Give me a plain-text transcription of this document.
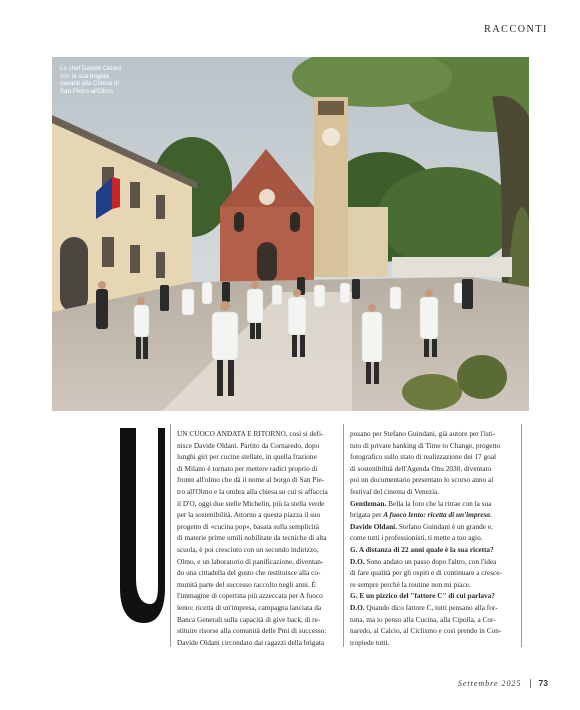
RACCONTI
Lo chef Davide Oldani
con la sua brigata
davanti alla Chiesa di
San Pietro all'Olmo.

UN CUOCO ANDATA E RITORNO, così si defi-

nisce Davide Oldani. Partito da Cornaredo, dopo

lunghi giri per cucine stellate, in quella frazione

di Milano è tornato per mettere radici proprio di

fronte all'olmo che dà il nome al borgo di San Pie-

tro all'Olmo e la ombra alla chiesa su cui si affaccia

il D'O, oggi due stelle Michelin, più la stella verde

per la sostenibilità. Attorno a questa piazza il suo

progetto di «cucina pop», basata sulla semplicità

di materie prime umili nobilitate da tecniche di alta

scuola, è poi cresciuto con un secondo indirizzo,

Olmo, e un laboratorio di panificazione, diventan-

do una cittadella del gusto che restituisce alla co-

munità parte del successo raccolto negli anni. È

l'immagine di copertina più azzeccata per A fuoco

lento: ricetta di un'impresa, campagna lanciata da

Banca Generali sulla capacità di give back, di re-

stituire risorse alla comunità delle Pmi di successo:

Davide Oldani circondato dai ragazzi della brigata

posano per Stefano Guindani, già autore per l'isti-

tuto di private banking di Time to Change, progetto

fotografico sullo stato di realizzazione dei 17 goal

di sostenibilità dell'Agenda Onu 2030, diventato

poi un documentario presentato lo scorso anno al

festival del cinema di Venezia.

Gentleman. Bella la foto che la ritrae con la sua

brigata per A fuoco lento: ricetta di un'impresa.

Davide Oldani. Stefano Guindani è un grande e,

come tutti i professionisti, ti mette a tuo agio.

G. A distanza di 22 anni quale è la sua ricetta?

D.O. Sono andato un passo dopo l'altro, con l'idea

di fare qualità per gli ospiti e di continuare a cresce-

re sempre perché la routine non mi piace.

G. E un pizzico del "fattore C" di cui parlava?

D.O. Quando dico fattore C, tutti pensano alla for-

tuna, ma io penso alla Cucina, alla Cipolla, a Cor-

naredo, al Calcio, al Ciclismo e così prendo in Con-

tropiede tutti.

Settembre 2025 73
